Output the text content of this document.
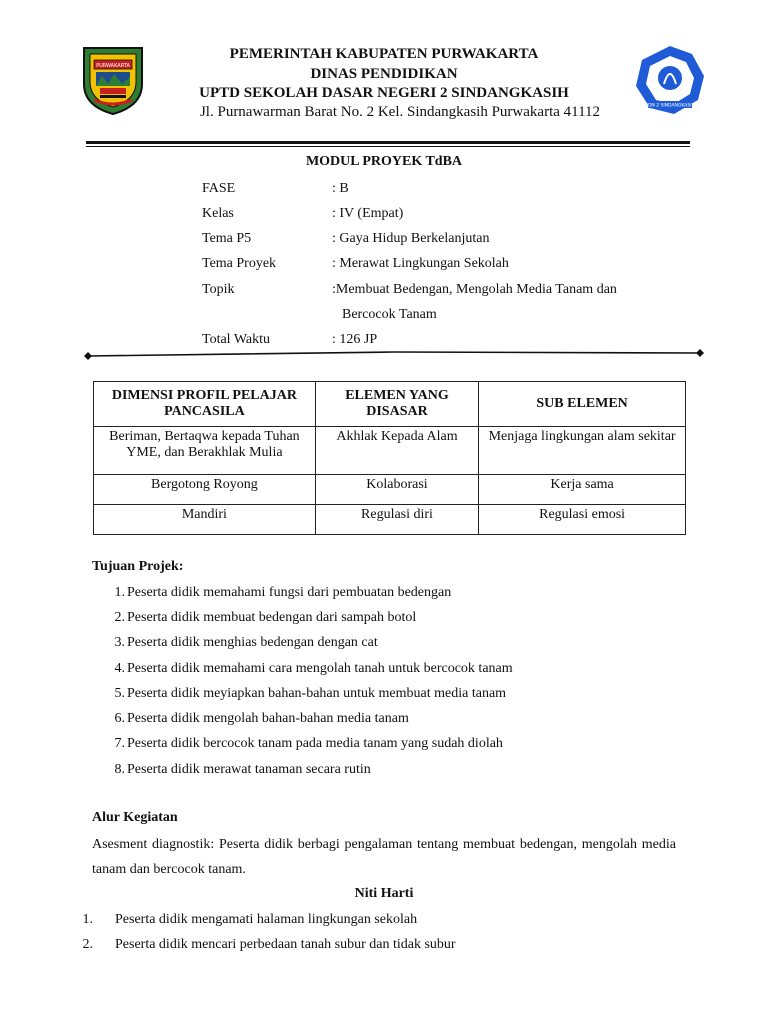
PURWAKARTA
SDN 2 SINDANGKASIH
PEMERINTAH KABUPATEN PURWAKARTA
DINAS PENDIDIKAN
UPTD SEKOLAH DASAR NEGERI 2 SINDANGKASIH
Jl. Purnawarman Barat No. 2 Kel. Sindangkasih Purwakarta 41112
MODUL PROYEK TdBA
FASE	: B
Kelas	: IV (Empat)
Tema P5	: Gaya Hidup Berkelanjutan
Tema Proyek	: Merawat Lingkungan Sekolah
Topik	:Membuat Bedengan, Mengolah Media Tanam dan
Bercocok Tanam
Total Waktu	: 126 JP
DIMENSI PROFIL PELAJAR PANCASILA	ELEMEN YANG DISASAR	SUB ELEMEN
Beriman, Bertaqwa kepada Tuhan YME, dan Berakhlak Mulia	Akhlak Kepada Alam	Menjaga lingkungan alam sekitar
Bergotong Royong	Kolaborasi	Kerja sama
Mandiri	Regulasi diri	Regulasi emosi
Tujuan Projek:
1. Peserta didik memahami fungsi dari pembuatan bedengan
2. Peserta didik membuat bedengan dari sampah botol
3. Peserta didik menghias bedengan dengan cat
4. Peserta didik memahami cara mengolah tanah untuk bercocok tanam
5. Peserta didik meyiapkan bahan-bahan untuk membuat media tanam
6. Peserta didik mengolah bahan-bahan media tanam
7. Peserta didik bercocok tanam pada media tanam yang sudah diolah
8. Peserta didik merawat tanaman secara rutin
Alur Kegiatan
Asesment diagnostik: Peserta didik berbagi pengalaman tentang membuat bedengan, mengolah media tanam dan bercocok tanam.
Niti Harti
1. Peserta didik mengamati halaman lingkungan sekolah
2. Peserta didik mencari perbedaan tanah subur dan tidak subur
